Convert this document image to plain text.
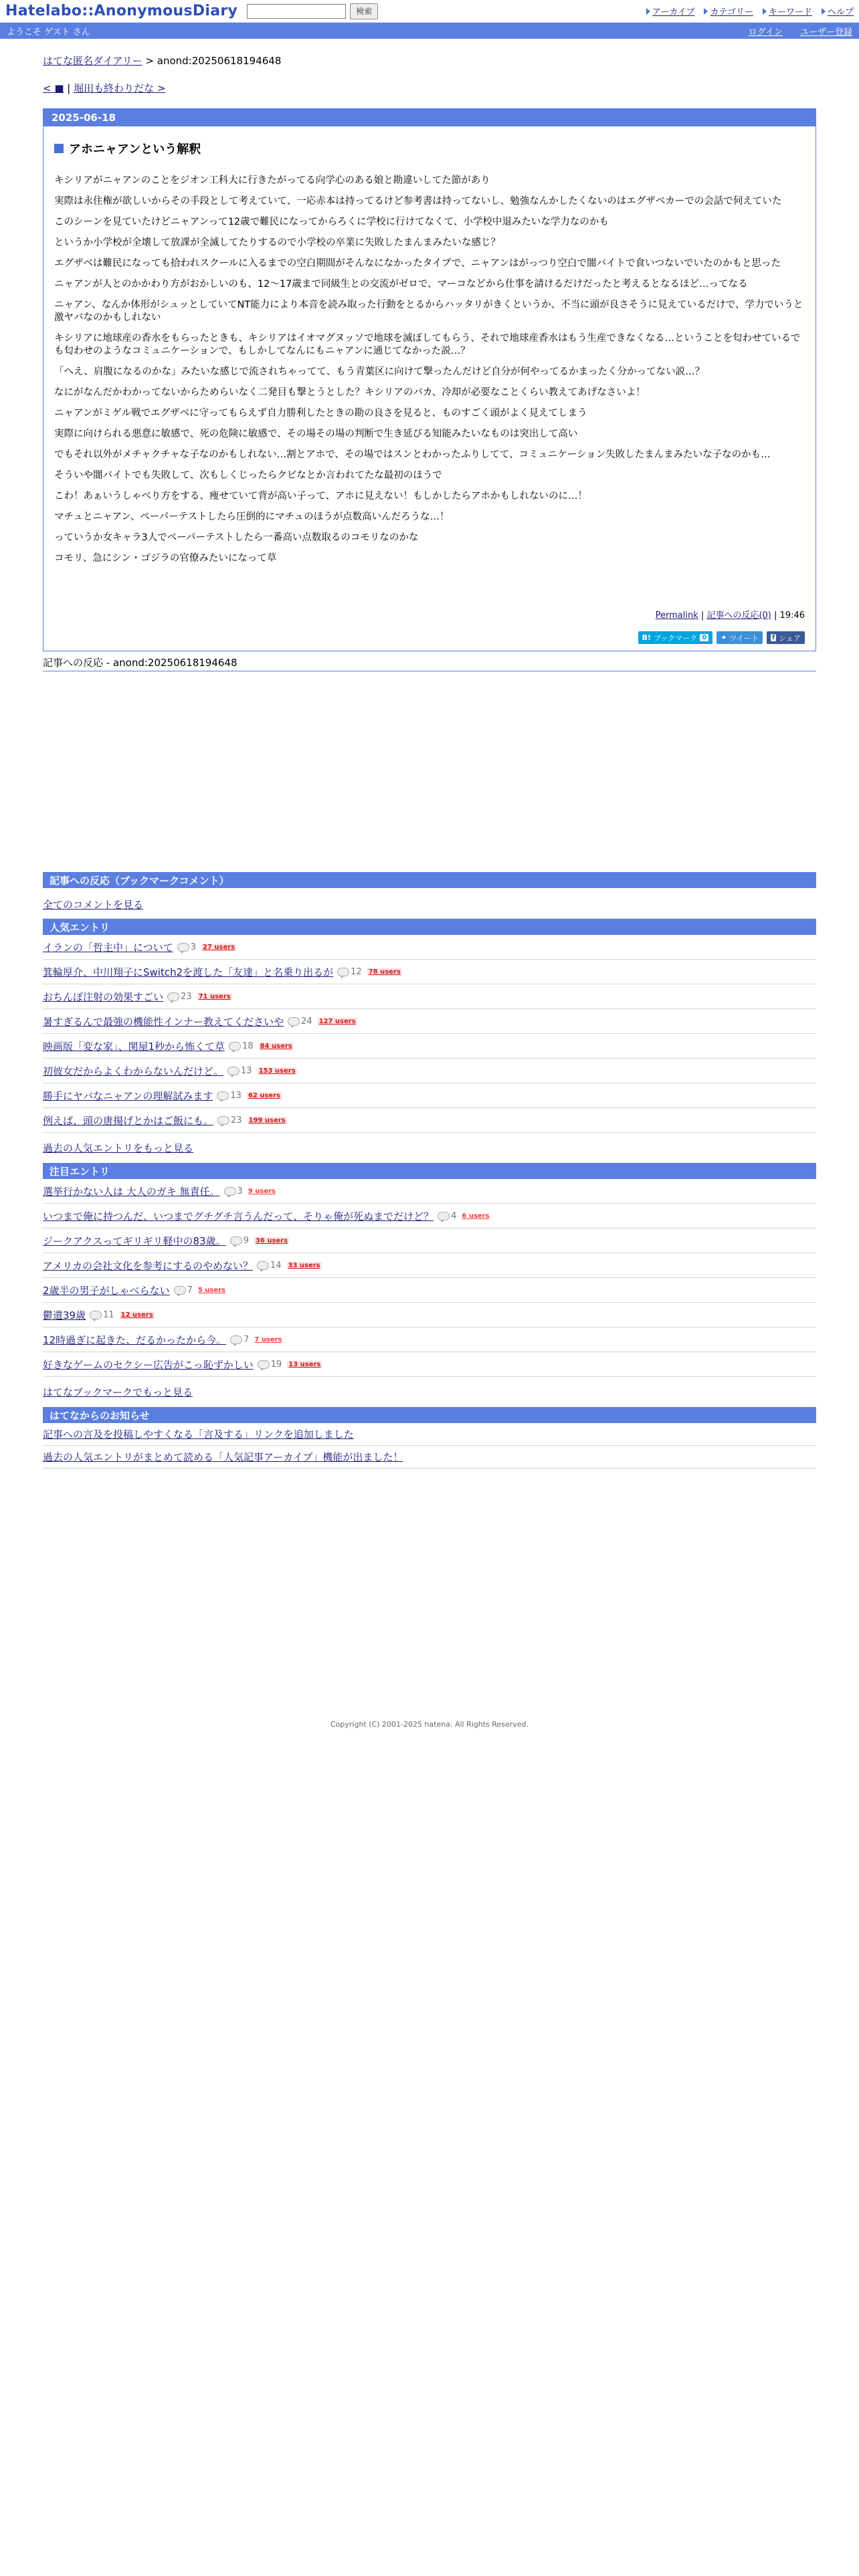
Hatelabo::AnonymousDiary	検索	アーカイブ	カテゴリー	キーワード	ヘルプ
ようこそ ゲスト さん	ログイン ユーザー登録
はてな匿名ダイアリー > anond:20250618194648
< ■ | 堀田も終わりだな >
2025-06-18
アホニャアンという解釈

キシリアがニャアンのことをジオン工科大に行きたがってる向学心のある娘と勘違いしてた節があり

実際は永住権が欲しいからその手段として考えていて、一応赤本は持ってるけど参考書は持ってないし、勉強なんかしたくないのはエグザベカーでの会話で伺えていた

このシーンを見ていたけどニャアンって12歳で難民になってからろくに学校に行けてなくて、小学校中退みたいな学力なのかも

というか小学校が全壊して放課が全滅してたりするので小学校の卒業に失敗したまんまみたいな感じ？

エグザベは難民になっても拾われスクールに入るまでの空白期間がそんなになかったタイプで、ニャアンはがっつり空白で闇バイトで食いつないでいたのかもと思った

ニャアンが人とのかかわり方がおかしいのも、12〜17歳まで同級生との交流がゼロで、マーコなどから仕事を請けるだけだったと考えるとなるほど…ってなる

ニャアン、なんか体形がシュッとしていてNT能力により本音を読み取った行動をとるからハッタリがきくというか、不当に頭が良さそうに見えているだけで、学力でいうと激ヤバなのかもしれない

キシリアに地球産の香水をもらったときも、キシリアはイオマグヌッソで地球を滅ぼしてもらう、それで地球産香水はもう生産できなくなる…ということを匂わせているでも匂わせのようなコミュニケーションで、もしかしてなんにもニャアンに通じてなかった説…？

「へえ、肩腹になるのかな」みたいな感じで流されちゃってて、もう青葉区に向けて撃ったんだけど自分が何やってるかまったく分かってない説…？

なにがなんだかわかってないからためらいなく二発目も撃とうとした？キシリアのバカ、冷却が必要なことくらい教えてあげなさいよ！

ニャアンがミゲル戦でエグザベに守ってもらえず自力勝利したときの勘の良さを見ると、ものすごく頭がよく見えてしまう

実際に向けられる悪意に敏感で、死の危険に敏感で、その場その場の判断で生き延びる知能みたいなものは突出して高い

でもそれ以外がメチャクチャな子なのかもしれない…割とアホで、その場ではスンとわかったふりしてて、コミュニケーション失敗したまんまみたいな子なのかも…

そういや闇バイトでも失敗して、次もしくじったらクビなとか言われてたな最初のほうで

こわ！あぁいうしゃべり方をする、痩せていて背が高い子って、アホに見えない！もしかしたらアホかもしれないのに…！

マチュとニャアン、ペーパーテストしたら圧倒的にマチュのほうが点数高いんだろうな…！

っていうか女キャラ3人でペーパーテストしたら一番高い点数取るのコモリなのかな

コモリ、急にシン・ゴジラの官僚みたいになって草

Permalink | 記事への反応(0) | 19:46
B! ブックマーク 0 ✦ ツイート f シェア
記事への反応 - anond:20250618194648
記事への反応（ブックマークコメント）
全てのコメントを見る
人気エントリ
イランの「哲主中」について 3 27 users
箕輪厚介、中川翔子にSwitch2を渡した「友達」と名乗り出るが 12 78 users
おちんぽ注射の効果すごい 23 71 users
暑すぎるんで最強の機能性インナー教えてくださいや 24 127 users
映画版「変な家」、関屋1秒から怖くて草 18 84 users
初彼女だからよくわからないんだけど。 13 153 users
勝手にヤバなニャアンの理解試みます 13 62 users
例えば、頭の唐揚げとかはご飯にも。 23 199 users
過去の人気エントリをもっと見る
注目エントリ
選挙行かない人は 大人のガキ 無責任。 3 9 users
いつまで俺に持つんだ、いつまでグチグチ言うんだって、そりゃ俺が死ぬまでだけど？ 4 6 users
ジークアクスってギリギリ軽中の83歳。 9 36 users
アメリカの会社文化を参考にするのやめない？ 14 33 users
2歳半の男子がしゃべらない 7 5 users
鬱遺39歳 11 12 users
12時過ぎに起きた、だるかったから今。 7 7 users
好きなゲームのセクシー広告がこっ恥ずかしい 19 13 users
はてなブックマークでもっと見る
はてなからのお知らせ
記事への言及を投稿しやすくなる「言及する」リンクを追加しました
過去の人気エントリがまとめて読める「人気記事アーカイブ」機能が出ました！
Copyright (C) 2001-2025 hatena. All Rights Reserved.
